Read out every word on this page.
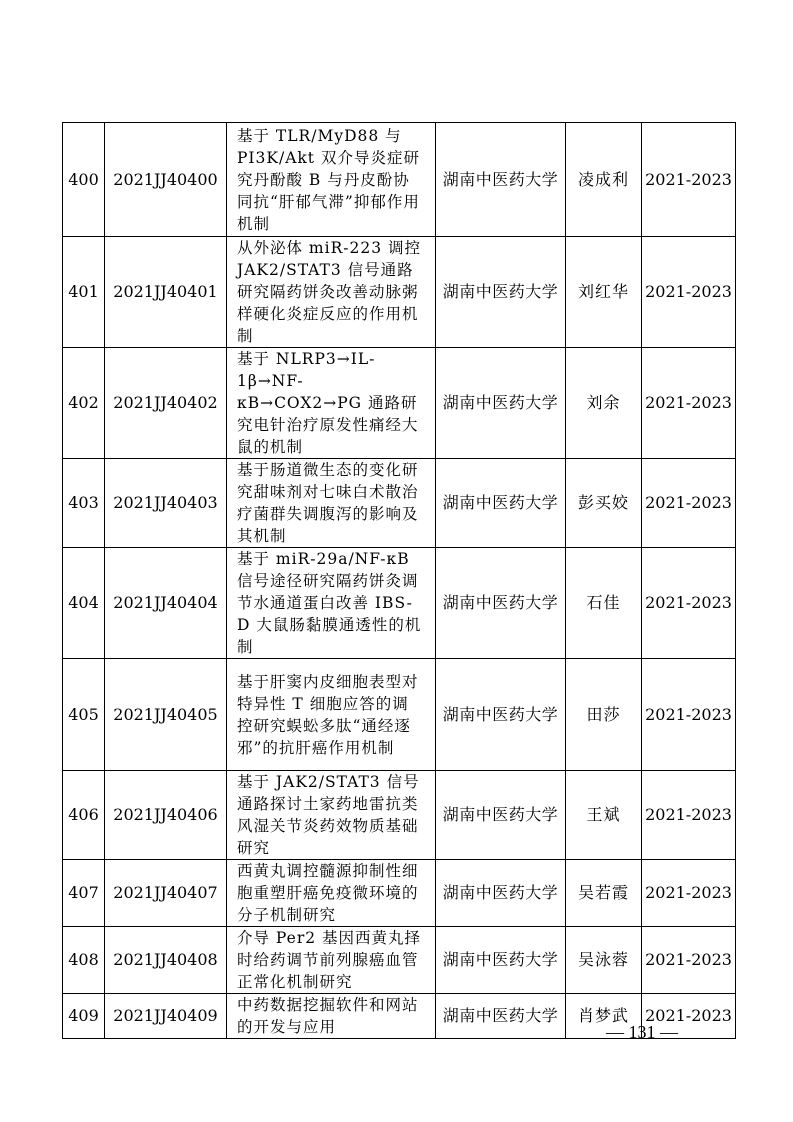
400	2021JJ40400	基于 TLR/MyD88 与 PI3K/Akt 双介导炎症研究丹酚酸 B 与丹皮酚协同抗“肝郁气滞”抑郁作用机制	湖南中医药大学	凌成利	2021-2023
401	2021JJ40401	从外泌体 miR-223 调控 JAK2/STAT3 信号通路研究隔药饼灸改善动脉粥样硬化炎症反应的作用机制	湖南中医药大学	刘红华	2021-2023
402	2021JJ40402	基于 NLRP3→IL-1β→NF-κB→COX2→PG 通路研究电针治疗原发性痛经大鼠的机制	湖南中医药大学	刘余	2021-2023
403	2021JJ40403	基于肠道微生态的变化研究甜味剂对七味白术散治疗菌群失调腹泻的影响及其机制	湖南中医药大学	彭买姣	2021-2023
404	2021JJ40404	基于 miR-29a/NF-κB 信号途径研究隔药饼灸调节水通道蛋白改善 IBS-D 大鼠肠黏膜通透性的机制	湖南中医药大学	石佳	2021-2023
405	2021JJ40405	基于肝窦内皮细胞表型对特异性 T 细胞应答的调控研究蜈蚣多肽“通经逐邪”的抗肝癌作用机制	湖南中医药大学	田莎	2021-2023
406	2021JJ40406	基于 JAK2/STAT3 信号通路探讨土家药地雷抗类风湿关节炎药效物质基础研究	湖南中医药大学	王斌	2021-2023
407	2021JJ40407	西黄丸调控髓源抑制性细胞重塑肝癌免疫微环境的分子机制研究	湖南中医药大学	吴若霞	2021-2023
408	2021JJ40408	介导 Per2 基因西黄丸择时给药调节前列腺癌血管正常化机制研究	湖南中医药大学	吴泳蓉	2021-2023
409	2021JJ40409	中药数据挖掘软件和网站的开发与应用	湖南中医药大学	肖梦武	2021-2023
— 131 —
